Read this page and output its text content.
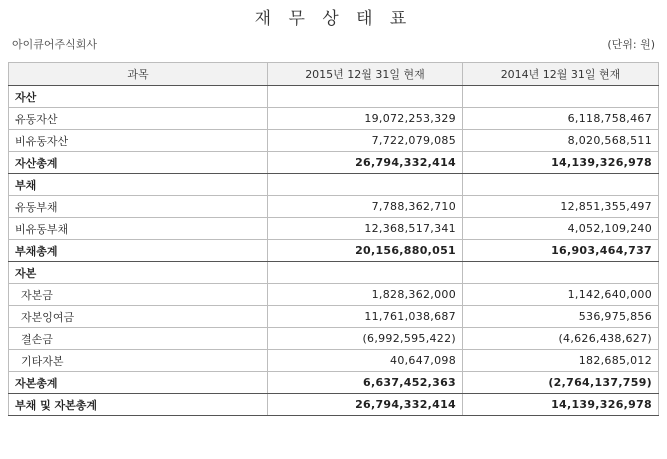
재 무 상 태 표
아이큐어주식회사	(단위: 원)
과목	2015년 12월 31일 현재	2014년 12월 31일 현재
자산		
유동자산	19,072,253,329	6,118,758,467
비유동자산	7,722,079,085	8,020,568,511
자산총계	26,794,332,414	14,139,326,978
부채		
유동부채	7,788,362,710	12,851,355,497
비유동부채	12,368,517,341	4,052,109,240
부채총계	20,156,880,051	16,903,464,737
자본		
자본금	1,828,362,000	1,142,640,000
자본잉여금	11,761,038,687	536,975,856
결손금	(6,992,595,422)	(4,626,438,627)
기타자본	40,647,098	182,685,012
자본총계	6,637,452,363	(2,764,137,759)
부채 및 자본총계	26,794,332,414	14,139,326,978
